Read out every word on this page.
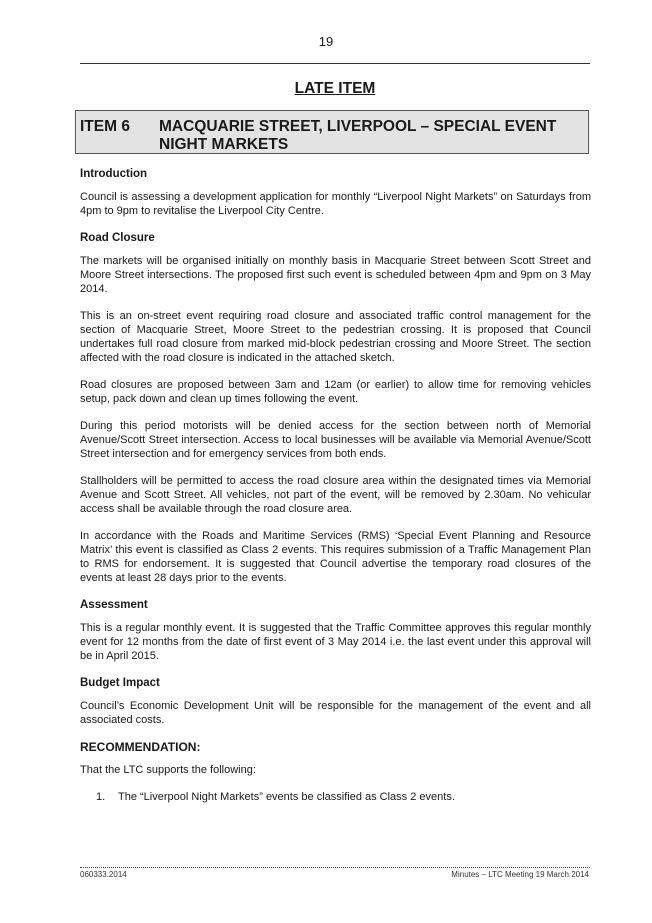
19
LATE ITEM
ITEM 6 MACQUARIE STREET, LIVERPOOL – SPECIAL EVENT NIGHT MARKETS
Introduction

Council is assessing a development application for monthly “Liverpool Night Markets” on Saturdays from 4pm to 9pm to revitalise the Liverpool City Centre.

Road Closure

The markets will be organised initially on monthly basis in Macquarie Street between Scott Street and Moore Street intersections. The proposed first such event is scheduled between 4pm and 9pm on 3 May 2014.

This is an on-street event requiring road closure and associated traffic control management for the section of Macquarie Street, Moore Street to the pedestrian crossing. It is proposed that Council undertakes full road closure from marked mid-block pedestrian crossing and Moore Street. The section affected with the road closure is indicated in the attached sketch.

Road closures are proposed between 3am and 12am (or earlier) to allow time for removing vehicles setup, pack down and clean up times following the event.

During this period motorists will be denied access for the section between north of Memorial Avenue/Scott Street intersection. Access to local businesses will be available via Memorial Avenue/Scott Street intersection and for emergency services from both ends.

Stallholders will be permitted to access the road closure area within the designated times via Memorial Avenue and Scott Street. All vehicles, not part of the event, will be removed by 2.30am. No vehicular access shall be available through the road closure area.

In accordance with the Roads and Maritime Services (RMS) ‘Special Event Planning and Resource Matrix’ this event is classified as Class 2 events. This requires submission of a Traffic Management Plan to RMS for endorsement. It is suggested that Council advertise the temporary road closures of the events at least 28 days prior to the events.

Assessment

This is a regular monthly event. It is suggested that the Traffic Committee approves this regular monthly event for 12 months from the date of first event of 3 May 2014 i.e. the last event under this approval will be in April 2015.

Budget Impact

Council’s Economic Development Unit will be responsible for the management of the event and all associated costs.

RECOMMENDATION:

That the LTC supports the following:

1.	The “Liverpool Night Markets” events be classified as Class 2 events.
060333.2014	Minutes – LTC Meeting 19 March 2014
